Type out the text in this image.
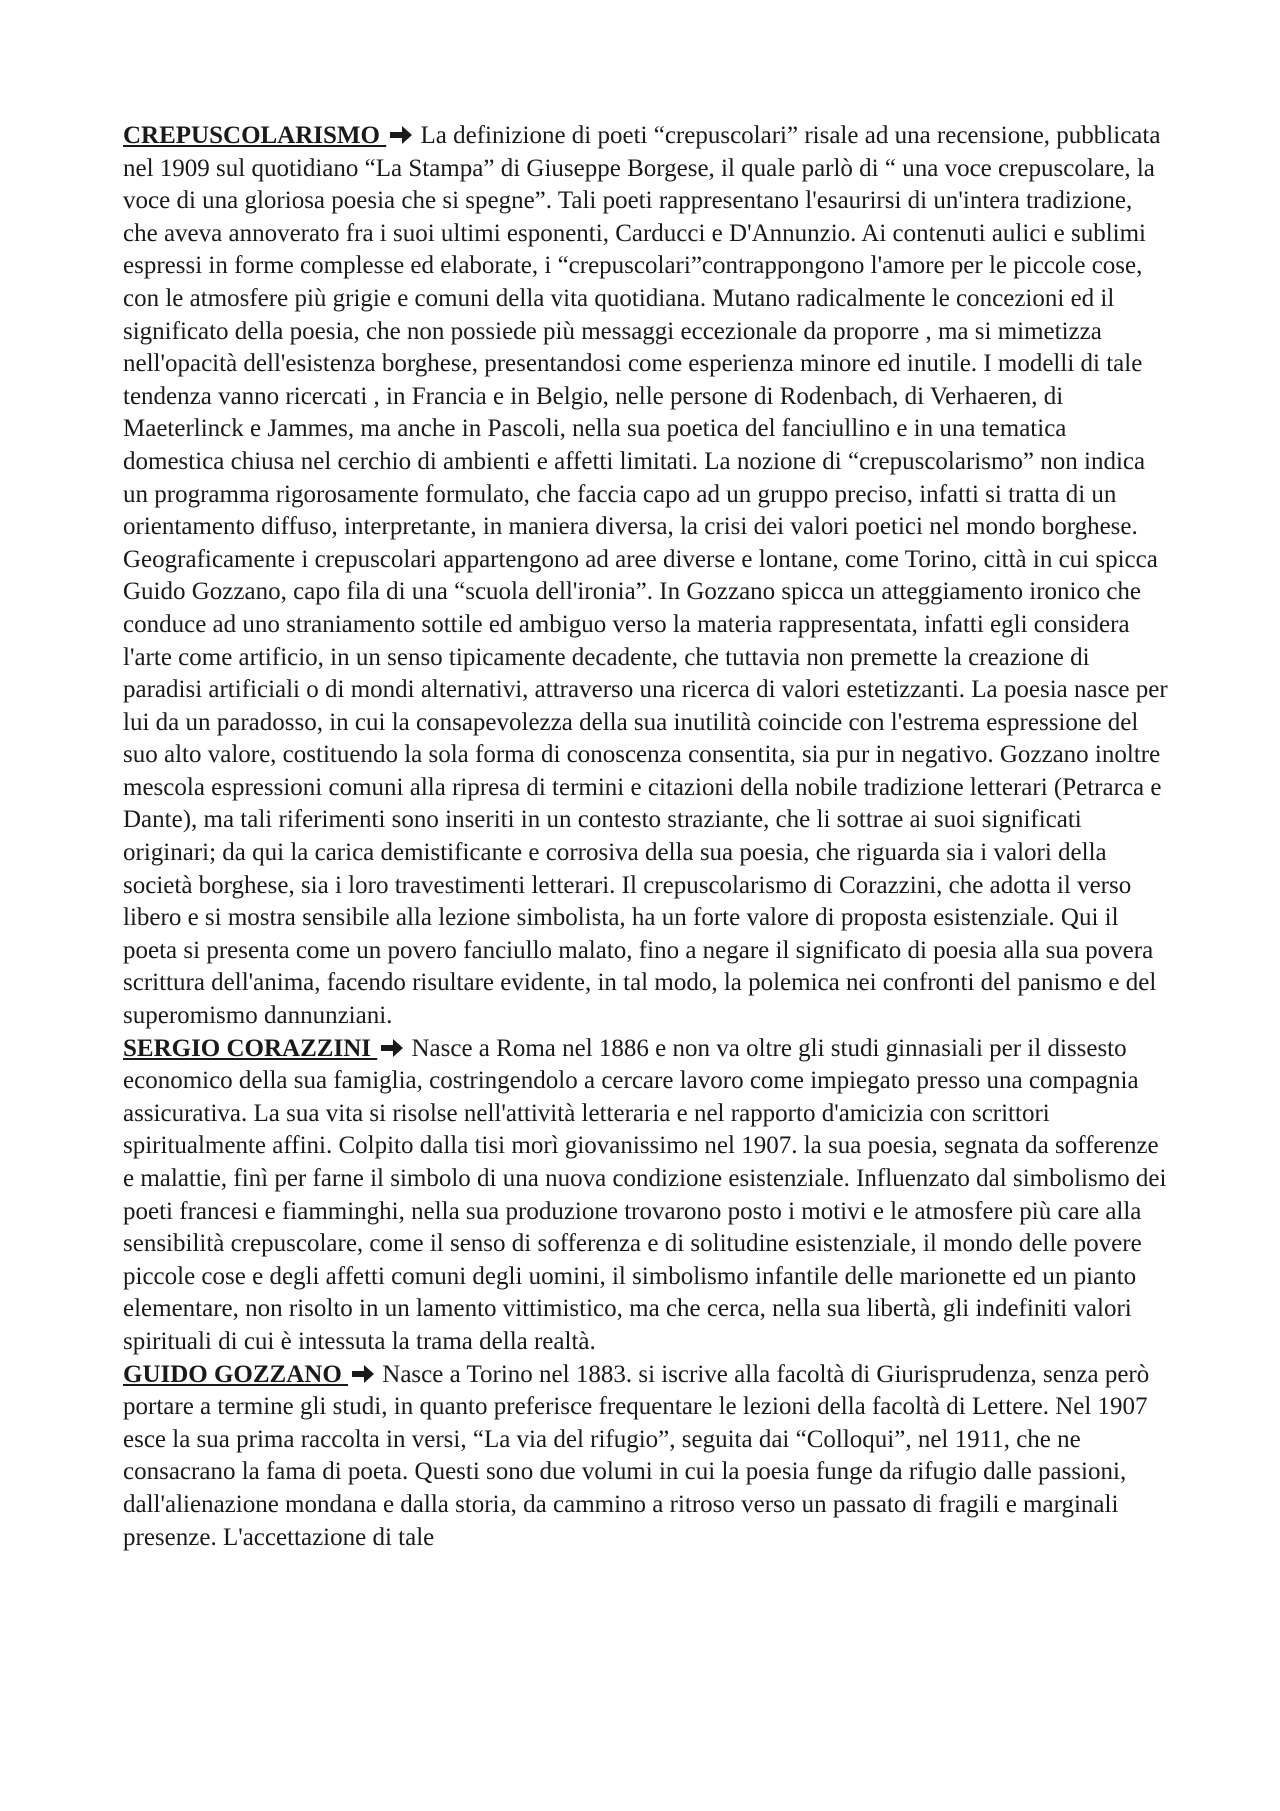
CREPUSCOLARISMO La definizione di poeti “crepuscolari” risale ad una recensione, pubblicata nel 1909 sul quotidiano “La Stampa” di Giuseppe Borgese, il quale parlò di “ una voce crepuscolare, la voce di una gloriosa poesia che si spegne”. Tali poeti rappresentano l'esaurirsi di un'intera tradizione, che aveva annoverato fra i suoi ultimi esponenti, Carducci e D'Annunzio. Ai contenuti aulici e sublimi espressi in forme complesse ed elaborate, i “crepuscolari”contrappongono l'amore per le piccole cose, con le atmosfere più grigie e comuni della vita quotidiana. Mutano radicalmente le concezioni ed il significato della poesia, che non possiede più messaggi eccezionale da proporre , ma si mimetizza nell'opacità dell'esistenza borghese, presentandosi come esperienza minore ed inutile. I modelli di tale tendenza vanno ricercati , in Francia e in Belgio, nelle persone di Rodenbach, di Verhaeren, di Maeterlinck e Jammes, ma anche in Pascoli, nella sua poetica del fanciullino e in una tematica domestica chiusa nel cerchio di ambienti e affetti limitati. La nozione di “crepuscolarismo” non indica un programma rigorosamente formulato, che faccia capo ad un gruppo preciso, infatti si tratta di un orientamento diffuso, interpretante, in maniera diversa, la crisi dei valori poetici nel mondo borghese. Geograficamente i crepuscolari appartengono ad aree diverse e lontane, come Torino, città in cui spicca Guido Gozzano, capo fila di una “scuola dell'ironia”. In Gozzano spicca un atteggiamento ironico che conduce ad uno straniamento sottile ed ambiguo verso la materia rappresentata, infatti egli considera l'arte come artificio, in un senso tipicamente decadente, che tuttavia non premette la creazione di paradisi artificiali o di mondi alternativi, attraverso una ricerca di valori estetizzanti. La poesia nasce per lui da un paradosso, in cui la consapevolezza della sua inutilità coincide con l'estrema espressione del suo alto valore, costituendo la sola forma di conoscenza consentita, sia pur in negativo. Gozzano inoltre mescola espressioni comuni alla ripresa di termini e citazioni della nobile tradizione letterari (Petrarca e Dante), ma tali riferimenti sono inseriti in un contesto straziante, che li sottrae ai suoi significati originari; da qui la carica demistificante e corrosiva della sua poesia, che riguarda sia i valori della società borghese, sia i loro travestimenti letterari. Il crepuscolarismo di Corazzini, che adotta il verso libero e si mostra sensibile alla lezione simbolista, ha un forte valore di proposta esistenziale. Qui il poeta si presenta come un povero fanciullo malato, fino a negare il significato di poesia alla sua povera scrittura dell'anima, facendo risultare evidente, in tal modo, la polemica nei confronti del panismo e del superomismo dannunziani.

SERGIO CORAZZINI Nasce a Roma nel 1886 e non va oltre gli studi ginnasiali per il dissesto economico della sua famiglia, costringendolo a cercare lavoro come impiegato presso una compagnia assicurativa. La sua vita si risolse nell'attività letteraria e nel rapporto d'amicizia con scrittori spiritualmente affini. Colpito dalla tisi morì giovanissimo nel 1907. la sua poesia, segnata da sofferenze e malattie, finì per farne il simbolo di una nuova condizione esistenziale. Influenzato dal simbolismo dei poeti francesi e fiamminghi, nella sua produzione trovarono posto i motivi e le atmosfere più care alla sensibilità crepuscolare, come il senso di sofferenza e di solitudine esistenziale, il mondo delle povere piccole cose e degli affetti comuni degli uomini, il simbolismo infantile delle marionette ed un pianto elementare, non risolto in un lamento vittimistico, ma che cerca, nella sua libertà, gli indefiniti valori spirituali di cui è intessuta la trama della realtà.

GUIDO GOZZANO Nasce a Torino nel 1883. si iscrive alla facoltà di Giurisprudenza, senza però portare a termine gli studi, in quanto preferisce frequentare le lezioni della facoltà di Lettere. Nel 1907 esce la sua prima raccolta in versi, “La via del rifugio”, seguita dai “Colloqui”, nel 1911, che ne consacrano la fama di poeta. Questi sono due volumi in cui la poesia funge da rifugio dalle passioni, dall'alienazione mondana e dalla storia, da cammino a ritroso verso un passato di fragili e marginali presenze. L'accettazione di tale
